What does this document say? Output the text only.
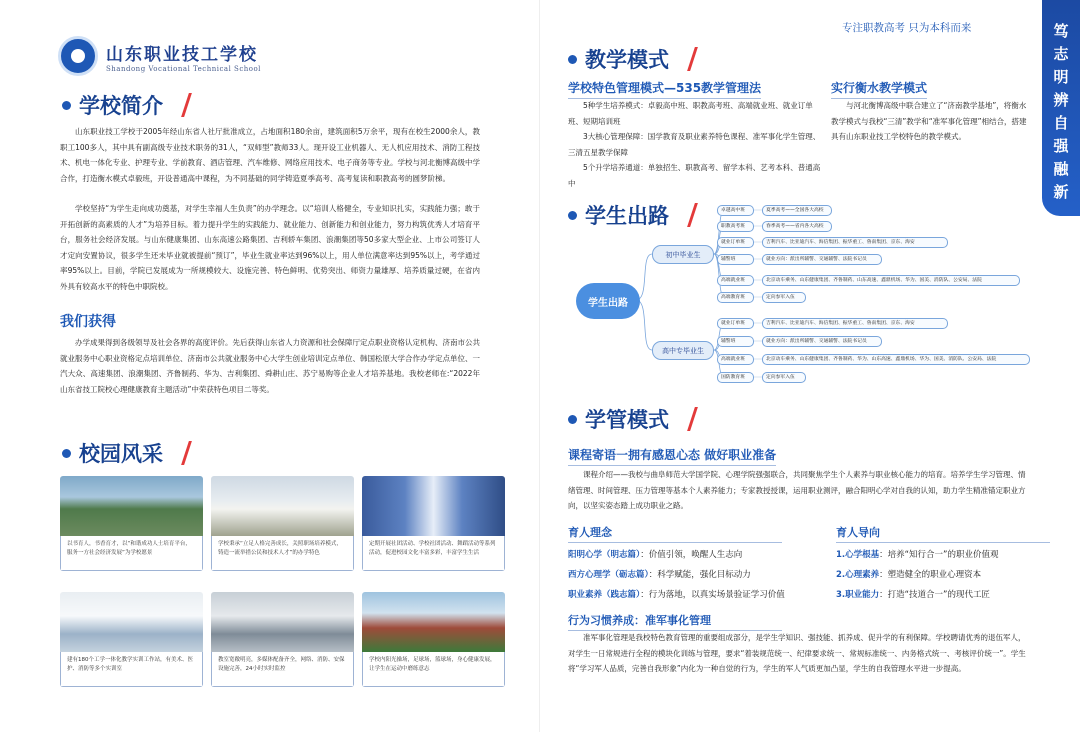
山东职业技工学校
Shandong Vocational Technical School
学校简介

山东职业技工学校于2005年经山东省人社厅批准成立，占地面积180余亩，建筑面积5万余平，现有在校生2000余人，教职工100多人，其中具有副高级专业技术职务的31人，“双师型”教师33人。现开设工业机器人、无人机应用技术、消防工程技术、机电一体化专业、护理专业、学前教育、酒店管理、汽车维修、网络应用技术、电子商务等专业。学校与河北衡博高级中学合作，打造衡水模式卓毅班，开设普通高中课程，为不同基础的同学铸造夏季高考、高考复读和职教高考的圆梦阶梯。

学校坚持“为学生走向成功奠基，对学生幸福人生负责”的办学理念。以“培训人格健全，专业知识扎实，实践能力强；敢于开拓创新的高素质的人才”为培养目标。着力提升学生的实践能力、就业能力、创新能力和创业能力，努力构筑优秀人才培育平台，服务社会经济发展。与山东健康集团、山东高速公路集团、吉利轿车集团、浪潮集团等50多家大型企业、上市公司签订人才定向安置协议，很多学生还未毕业就被提前“预订”，毕业生就业率达到96%以上，用人单位满意率达到95%以上，考学通过率95%以上。目前，学院已发展成为一所规模较大、设施完善、特色鲜明、优势突出、师资力量雄厚、培养质量过硬，在省内外具有较高水平的特色中职院校。

我们获得

办学成果得到各级领导及社会各界的高度评价。先后获得山东省人力资源和社会保障厅定点职业资格认定机构、济南市公共就业服务中心职业资格定点培训单位、济南市公共就业服务中心大学生创业培训定点单位、韩国松原大学合作办学定点单位、一汽大众、高速集团、浪潮集团、齐鲁制药、华为、吉利集团、舜耕山庄、苏宁易购等企业人才培养基地。我校老师在:“2022年山东省技工院校心理健康教育主题活动”中荣获特色项目二等奖。

校园风采
以书育人，书香育才，以“和谐成功人士培育平台，服务一方社会经济发展”为学校愿景
学校秉承“立足人格完善成长，关照职场培养模式，铸造一流举措公民和技术人才”的办学特色
定期开展社团活动、学校社团活动、舞蹈活动等系列活动，促进校园文化丰富多彩，丰富学生生活
建有180个工学一体化教学实训工作站，有美术、医护、消防等多个实训室
教室宽敞明亮，多媒体配备齐全，网络、消防、安保设施完善，24小时实时监控
学校内阳光操场，足球场，篮球场，身心健康发展，让学生在运动中磨练意志
专注职教高考 只为本科而来	笃
志
明
辨
自
强
融
新
教学模式
学校特色管理模式—535教学管理法
5种学生培养模式：卓毅高中班、职教高考班、高端就业班、就业订单班、短期培训班
3大核心管理保障：国学教育及职业素养特色课程、准军事化学生管理、三清五星教学保障
5个升学培养通道：单独招生、职教高考、留学本科、艺考本科、普通高中
实行衡水教学模式
与河北衡博高级中联合建立了“济南教学基地”，将衡水教学模式与我校“三清”教学和“准军事化管理”相结合，搭建具有山东职业技工学校特色的教学模式。
学生出路
学生出路
初中毕业生
高中专毕业生
卓越高中班	夏季高考——全国各大高校
职教高考班	春季高考——省内各大高校
就业订单班	吉利汽车、比亚迪汽车、海信集团、振华重工、鲁南集团、京东、海安
辅警班	就业方向：派出所辅警、交通辅警、法院书记员
高端就业班	北京动车乘务、山东健康集团、齐鲁制药、山东高速、鑫鼎机场、华为、国美、消防队、公安局、法院
高端教育班	定向参军入伍
就业订单班	吉利汽车、比亚迪汽车、海信集团、振华重工、鲁南集团、京东、海安
辅警班	就业方向：派出所辅警、交通辅警、法院书记员
高端就业班	北京动车乘务、山东健康集团、齐鲁制药、华为、山东高速、鑫鼎机场、华为、国美、消防队、公安局、法院
国防教育班	定向参军入伍
学管模式
课程寄语一拥有感恩心态 做好职业准备
课程介绍——我校与曲阜师范大学国学院、心理学院强强联合，共同聚焦学生个人素养与职业核心能力的培育。培养学生学习管理、情绪管理、时间管理、压力管理等基本个人素养能力；专家教授授课，运用职业测评，融合阳明心学对自我的认知，助力学生精准锚定职业方向，以坚实姿态踏上成功职业之路。
育人理念
阳明心学（明志篇）：价值引领，唤醒人生志向
西方心理学（砺志篇）：科学赋能，强化目标动力
职业素养（践志篇）：行为落地，以真实场景验证学习价值
育人导向
1.心学根基：培养“知行合一”的职业价值观
2.心理素养：塑造健全的职业心理资本
3.职业能力：打造“技道合一”的现代工匠
行为习惯养成：准军事化管理
准军事化管理是我校特色教育管理的重要组成部分，是学生学知识、强技能、抓养成、促升学的有利保障。学校聘请优秀的退伍军人，对学生一日常规进行全程的模块化训练与管理，要求“着装规范统一、纪律要求统一、常规标准统一、内务格式统一、考核评价统一”。学生将“学习军人品质，完善自我形象”内化为一种自觉的行为，学生的军人气质更加凸显，学生的自我管理水平进一步提高。
